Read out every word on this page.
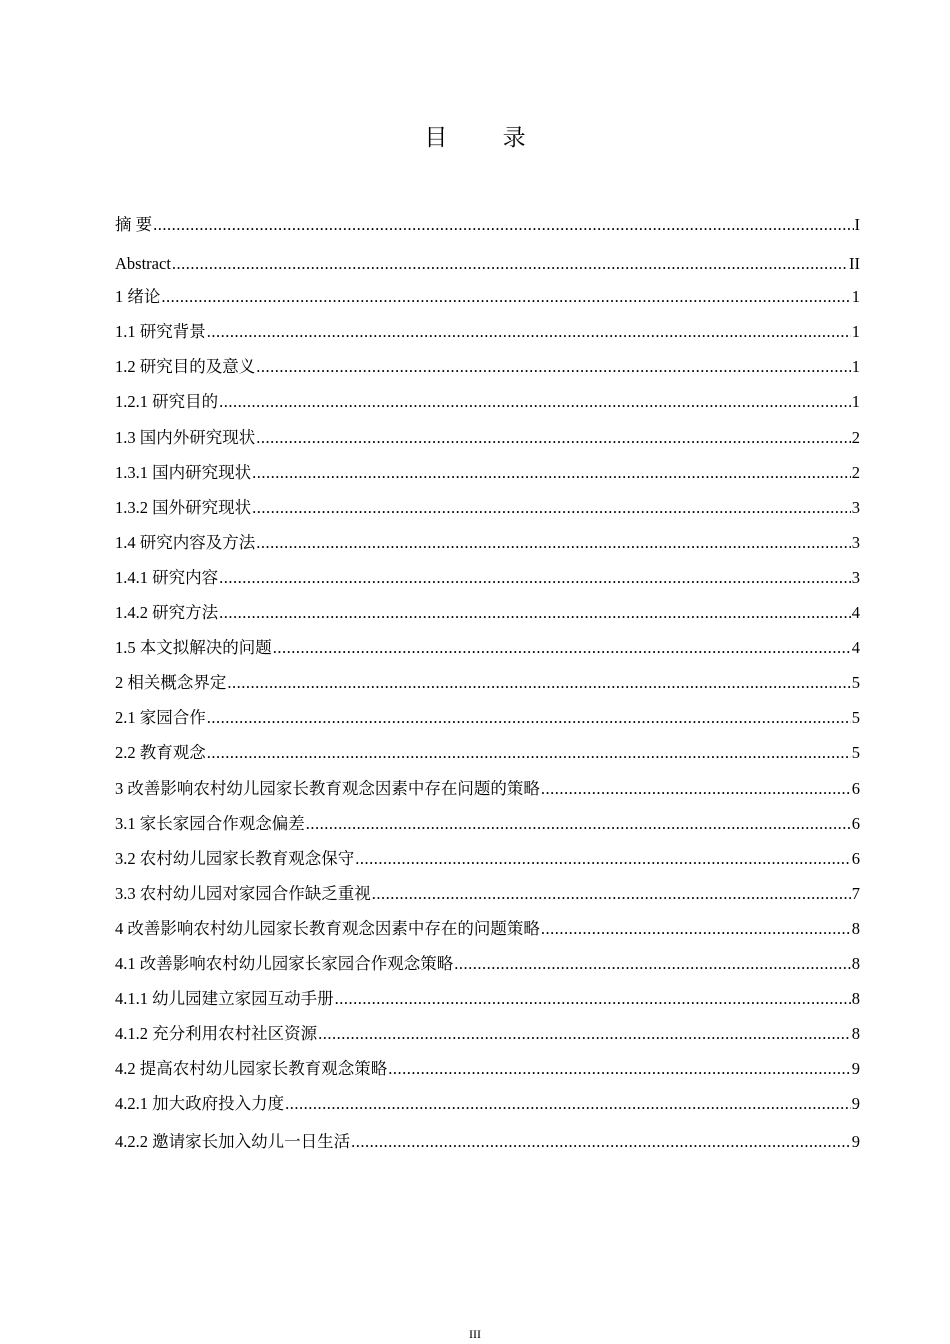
目 录
摘 要 .....	I
Abstract .....	II
1 绪论 .....	1
1.1 研究背景 .....	1
1.2 研究目的及意义 .....	1
1.2.1 研究目的 .....	1
1.3 国内外研究现状 .....	2
1.3.1 国内研究现状 .....	2
1.3.2 国外研究现状 .....	3
1.4 研究内容及方法 .....	3
1.4.1 研究内容 .....	3
1.4.2 研究方法 .....	4
1.5 本文拟解决的问题 .....	4
2 相关概念界定 .....	5
2.1 家园合作 .....	5
2.2 教育观念 .....	5
3 改善影响农村幼儿园家长教育观念因素中存在问题的策略 .....	6
3.1 家长家园合作观念偏差 .....	6
3.2 农村幼儿园家长教育观念保守 .....	6
3.3 农村幼儿园对家园合作缺乏重视 .....	7
4 改善影响农村幼儿园家长教育观念因素中存在的问题策略 .....	8
4.1 改善影响农村幼儿园家长家园合作观念策略 .....	8
4.1.1 幼儿园建立家园互动手册 .....	8
4.1.2 充分利用农村社区资源 .....	8
4.2 提高农村幼儿园家长教育观念策略 .....	9
4.2.1 加大政府投入力度 .....	9
4.2.2 邀请家长加入幼儿一日生活 .....	9
III
